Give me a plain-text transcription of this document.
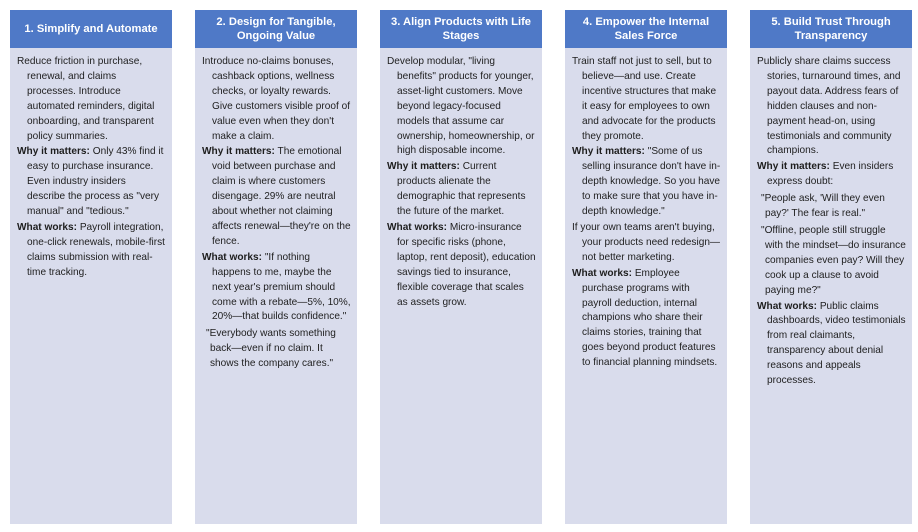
1. Simplify and Automate
Reduce friction in purchase, renewal, and claims processes. Introduce automated reminders, digital onboarding, and transparent policy summaries.
Why it matters: Only 43% find it easy to purchase insurance. Even industry insiders describe the process as "very manual" and "tedious."
What works: Payroll integration, one-click renewals, mobile-first claims submission with real-time tracking.
2. Design for Tangible, Ongoing Value
Introduce no-claims bonuses, cashback options, wellness checks, or loyalty rewards. Give customers visible proof of value even when they don't make a claim.
Why it matters: The emotional void between purchase and claim is where customers disengage. 29% are neutral about whether not claiming affects renewal—they're on the fence.
What works: "If nothing happens to me, maybe the next year's premium should come with a rebate—5%, 10%, 20%—that builds confidence."
"Everybody wants something back—even if no claim. It shows the company cares."
3. Align Products with Life Stages
Develop modular, "living benefits" products for younger, asset-light customers. Move beyond legacy-focused models that assume car ownership, homeownership, or high disposable income.
Why it matters: Current products alienate the demographic that represents the future of the market.
What works: Micro-insurance for specific risks (phone, laptop, rent deposit), education savings tied to insurance, flexible coverage that scales as assets grow.
4. Empower the Internal Sales Force
Train staff not just to sell, but to believe—and use. Create incentive structures that make it easy for employees to own and advocate for the products they promote.
Why it matters: "Some of us selling insurance don't have in-depth knowledge. So you have to make sure that you have in-depth knowledge."
If your own teams aren't buying, your products need redesign—not better marketing.
What works: Employee purchase programs with payroll deduction, internal champions who share their claims stories, training that goes beyond product features to financial planning mindsets.
5. Build Trust Through Transparency
Publicly share claims success stories, turnaround times, and payout data. Address fears of hidden clauses and non-payment head-on, using testimonials and community champions.
Why it matters: Even insiders express doubt:
"People ask, 'Will they even pay?' The fear is real."
"Offline, people still struggle with the mindset—do insurance companies even pay? Will they cook up a clause to avoid paying me?"
What works: Public claims dashboards, video testimonials from real claimants, transparency about denial reasons and appeals processes.
